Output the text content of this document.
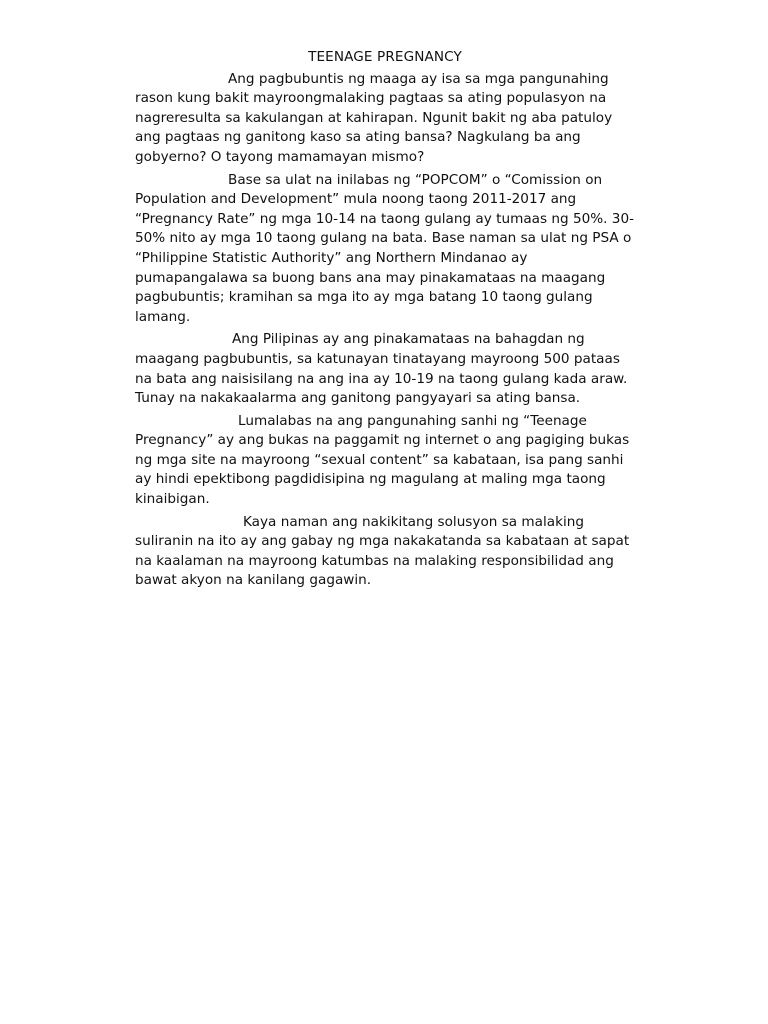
TEENAGE PREGNANCY

Ang pagbubuntis ng maaga ay isa sa mga pangunahing rason kung bakit mayroongmalaking pagtaas sa ating populasyon na nagreresulta sa kakulangan at kahirapan. Ngunit bakit ng aba patuloy ang pagtaas ng ganitong kaso sa ating bansa? Nagkulang ba ang gobyerno? O tayong mamamayan mismo?

Base sa ulat na inilabas ng “POPCOM” o “Comission on Population and Development” mula noong taong 2011-2017 ang “Pregnancy Rate” ng mga 10-14 na taong gulang ay tumaas ng 50%. 30-50% nito ay mga 10 taong gulang na bata. Base naman sa ulat ng PSA o “Philippine Statistic Authority” ang Northern Mindanao ay pumapangalawa sa buong bans ana may pinakamataas na maagang pagbubuntis; kramihan sa mga ito ay mga batang 10 taong gulang lamang.

Ang Pilipinas ay ang pinakamataas na bahagdan ng maagang pagbubuntis, sa katunayan tinatayang mayroong 500 pataas na bata ang naisisilang na ang ina ay 10-19 na taong gulang kada araw. Tunay na nakakaalarma ang ganitong pangyayari sa ating bansa.

Lumalabas na ang pangunahing sanhi ng “Teenage Pregnancy” ay ang bukas na paggamit ng internet o ang pagiging bukas ng mga site na mayroong “sexual content” sa kabataan, isa pang sanhi ay hindi epektibong pagdidisipina ng magulang at maling mga taong kinaibigan.

Kaya naman ang nakikitang solusyon sa malaking suliranin na ito ay ang gabay ng mga nakakatanda sa kabataan at sapat na kaalaman na mayroong katumbas na malaking responsibilidad ang bawat akyon na kanilang gagawin.
